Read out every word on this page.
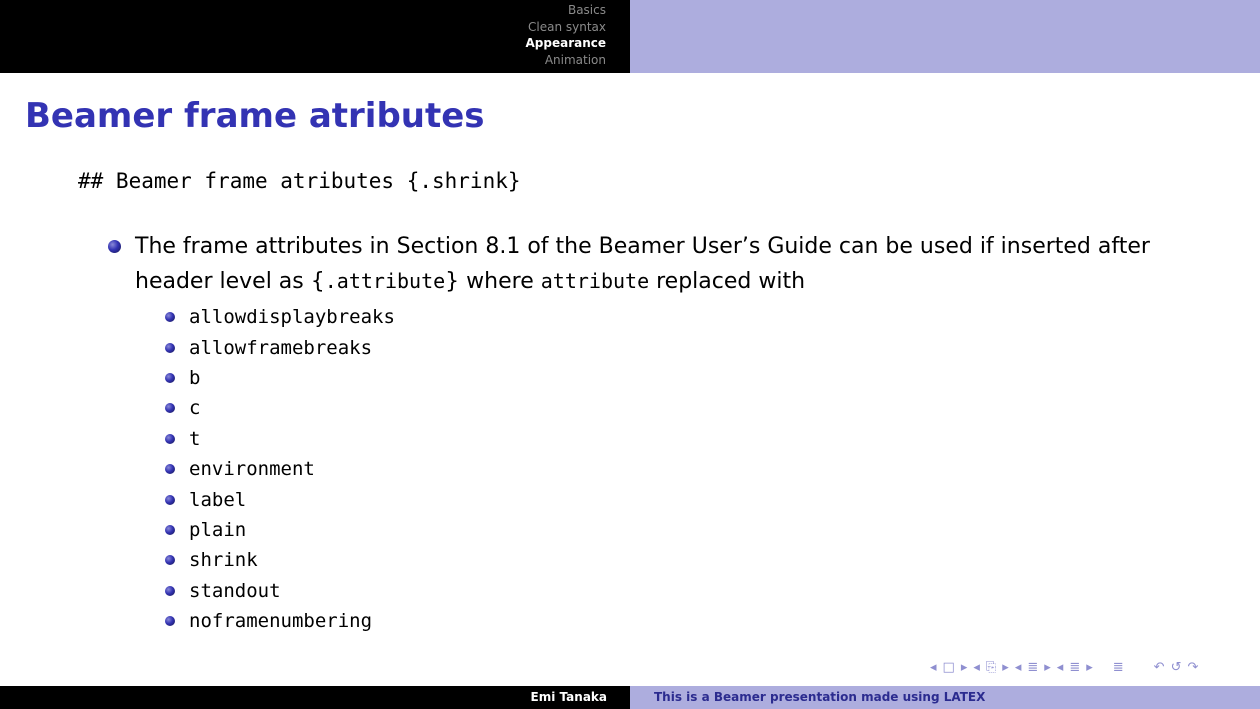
Basics
Clean syntax
Appearance
Animation
Beamer frame atributes
## Beamer frame atributes {.shrink}
The frame attributes in Section 8.1 of the Beamer User’s Guide can be used if inserted after header level as {.attribute} where attribute replaced with
allowdisplaybreaks
allowframebreaks
b
c
t
environment
label
plain
shrink
standout
noframenumbering
◂ □ ▸ ◂ ⎘ ▸ ◂ ≣ ▸ ◂ ≣ ▸ ≣ ↶ ↺ ↷
Emi Tanaka	This is a Beamer presentation made using LATEX
